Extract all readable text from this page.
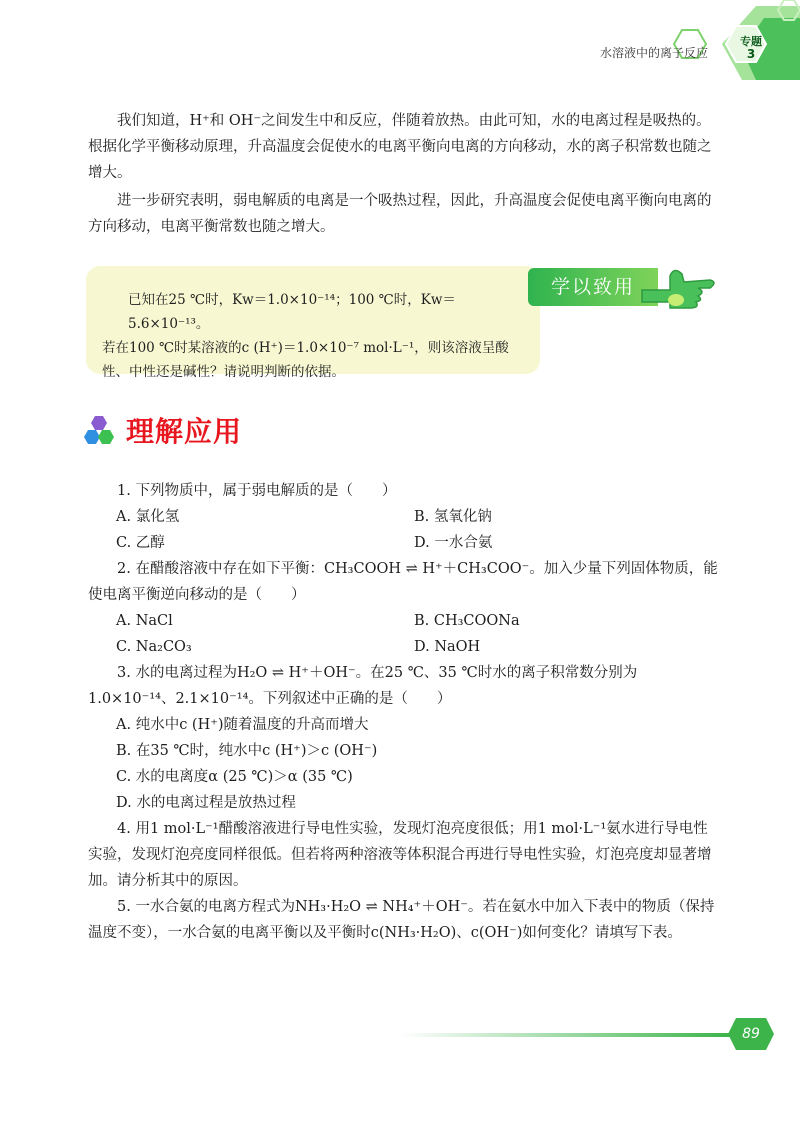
水溶液中的离子反应
专题
3

我们知道，H⁺和 OH⁻之间发生中和反应，伴随着放热。由此可知，水的电离过程是吸热的。根据化学平衡移动原理，升高温度会促使水的电离平衡向电离的方向移动，水的离子积常数也随之增大。

进一步研究表明，弱电解质的电离是一个吸热过程，因此，升高温度会促使电离平衡向电离的方向移动，电离平衡常数也随之增大。

学以致用
已知在25 ℃时，Kw＝1.0×10⁻¹⁴；100 ℃时，Kw＝5.6×10⁻¹³。
若在100 ℃时某溶液的c (H⁺)＝1.0×10⁻⁷ mol·L⁻¹，则该溶液呈酸性、中性还是碱性？请说明判断的依据。
理解应用

1. 下列物质中，属于弱电解质的是（　　）

A. 氯化氢	B. 氢氧化钠

C. 乙醇	D. 一水合氨

2. 在醋酸溶液中存在如下平衡：CH₃COOH ⇌ H⁺＋CH₃COO⁻。加入少量下列固体物质，能使电离平衡逆向移动的是（　　）

A. NaCl	B. CH₃COONa

C. Na₂CO₃	D. NaOH

3. 水的电离过程为H₂O ⇌ H⁺＋OH⁻。在25 ℃、35 ℃时水的离子积常数分别为1.0×10⁻¹⁴、2.1×10⁻¹⁴。下列叙述中正确的是（　　）

A. 纯水中c (H⁺)随着温度的升高而增大

B. 在35 ℃时，纯水中c (H⁺)＞c (OH⁻)

C. 水的电离度α (25 ℃)＞α (35 ℃)

D. 水的电离过程是放热过程

4. 用1 mol·L⁻¹醋酸溶液进行导电性实验，发现灯泡亮度很低；用1 mol·L⁻¹氨水进行导电性实验，发现灯泡亮度同样很低。但若将两种溶液等体积混合再进行导电性实验，灯泡亮度却显著增加。请分析其中的原因。

5. 一水合氨的电离方程式为NH₃·H₂O ⇌ NH₄⁺＋OH⁻。若在氨水中加入下表中的物质（保持温度不变），一水合氨的电离平衡以及平衡时c(NH₃·H₂O)、c(OH⁻)如何变化？请填写下表。

89
